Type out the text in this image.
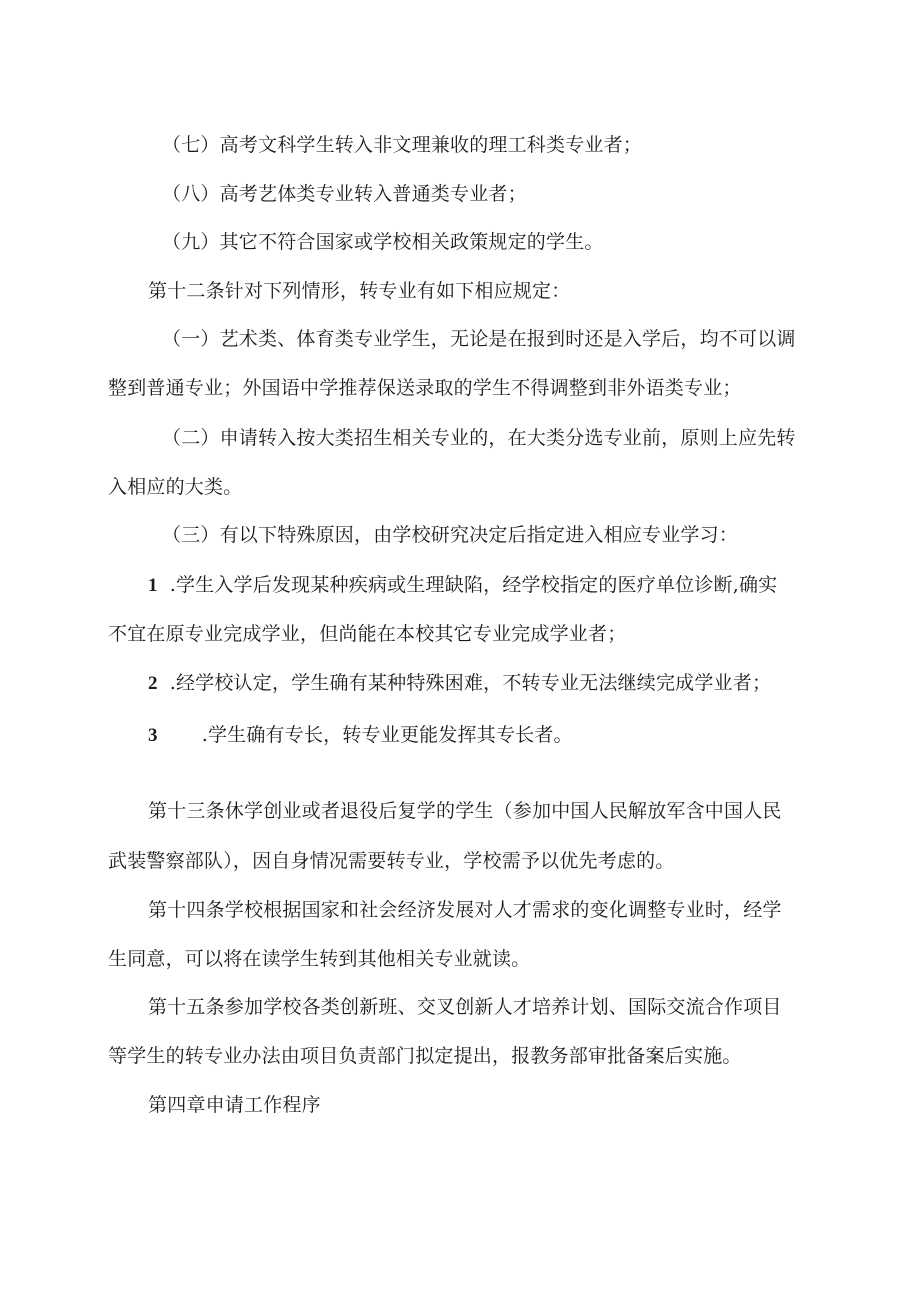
（七）高考文科学生转入非文理兼收的理工科类专业者；
（八）高考艺体类专业转入普通类专业者；
（九）其它不符合国家或学校相关政策规定的学生。
第十二条针对下列情形，转专业有如下相应规定：
（一）艺术类、体育类专业学生，无论是在报到时还是入学后，均不可以调
整到普通专业；外国语中学推荐保送录取的学生不得调整到非外语类专业；
（二）申请转入按大类招生相关专业的，在大类分选专业前，原则上应先转
入相应的大类。
（三）有以下特殊原因，由学校研究决定后指定进入相应专业学习：
1 .学生入学后发现某种疾病或生理缺陷，经学校指定的医疗单位诊断,确实
不宜在原专业完成学业，但尚能在本校其它专业完成学业者；
2 .经学校认定，学生确有某种特殊困难，不转专业无法继续完成学业者；
3 .学生确有专长，转专业更能发挥其专长者。
第十三条休学创业或者退役后复学的学生（参加中国人民解放军含中国人民
武装警察部队），因自身情况需要转专业，学校需予以优先考虑的。
第十四条学校根据国家和社会经济发展对人才需求的变化调整专业时，经学
生同意，可以将在读学生转到其他相关专业就读。
第十五条参加学校各类创新班、交叉创新人才培养计划、国际交流合作项目
等学生的转专业办法由项目负责部门拟定提出，报教务部审批备案后实施。
第四章申请工作程序
